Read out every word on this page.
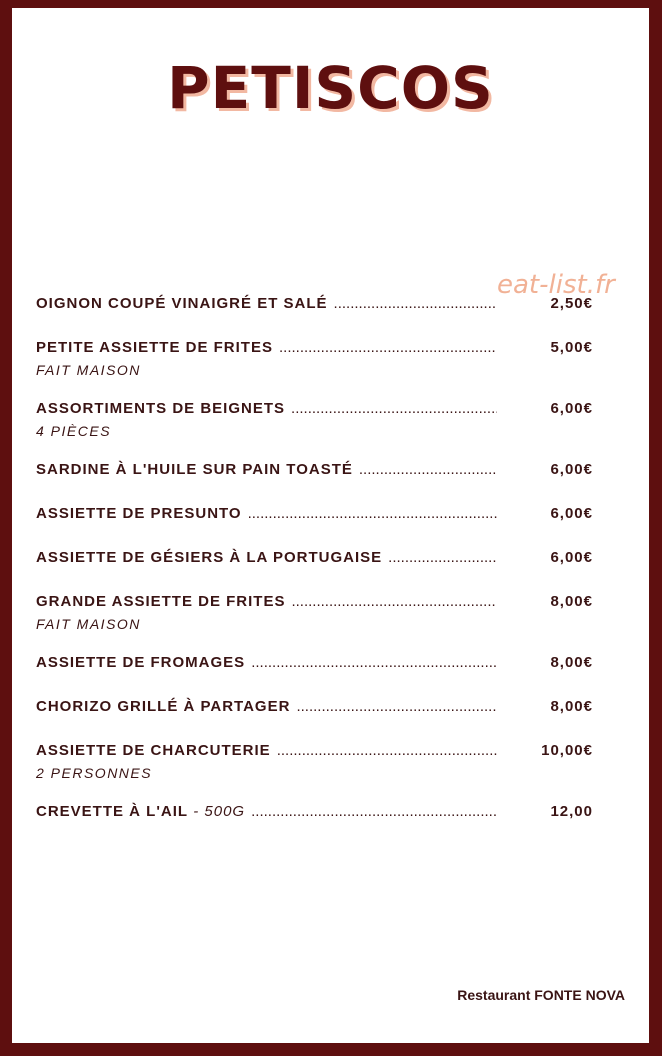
PETISCOS
eat-list.fr
OIGNON COUPÉ VINAIGRÉ ET SALÉ .....	2,50€
PETITE ASSIETTE DE FRITES .....	5,00€
FAIT MAISON
ASSORTIMENTS DE BEIGNETS .....	6,00€
4 PIÈCES
SARDINE À L'HUILE SUR PAIN TOASTÉ .....	6,00€
ASSIETTE DE PRESUNTO .....	6,00€
ASSIETTE DE GÉSIERS À LA PORTUGAISE .....	6,00€
GRANDE ASSIETTE DE FRITES .....	8,00€
FAIT MAISON
ASSIETTE DE FROMAGES .....	8,00€
CHORIZO GRILLÉ À PARTAGER .....	8,00€
ASSIETTE DE CHARCUTERIE .....	10,00€
2 PERSONNES
CREVETTE À L'AIL - 500G .....	12,00
Restaurant FONTE NOVA
